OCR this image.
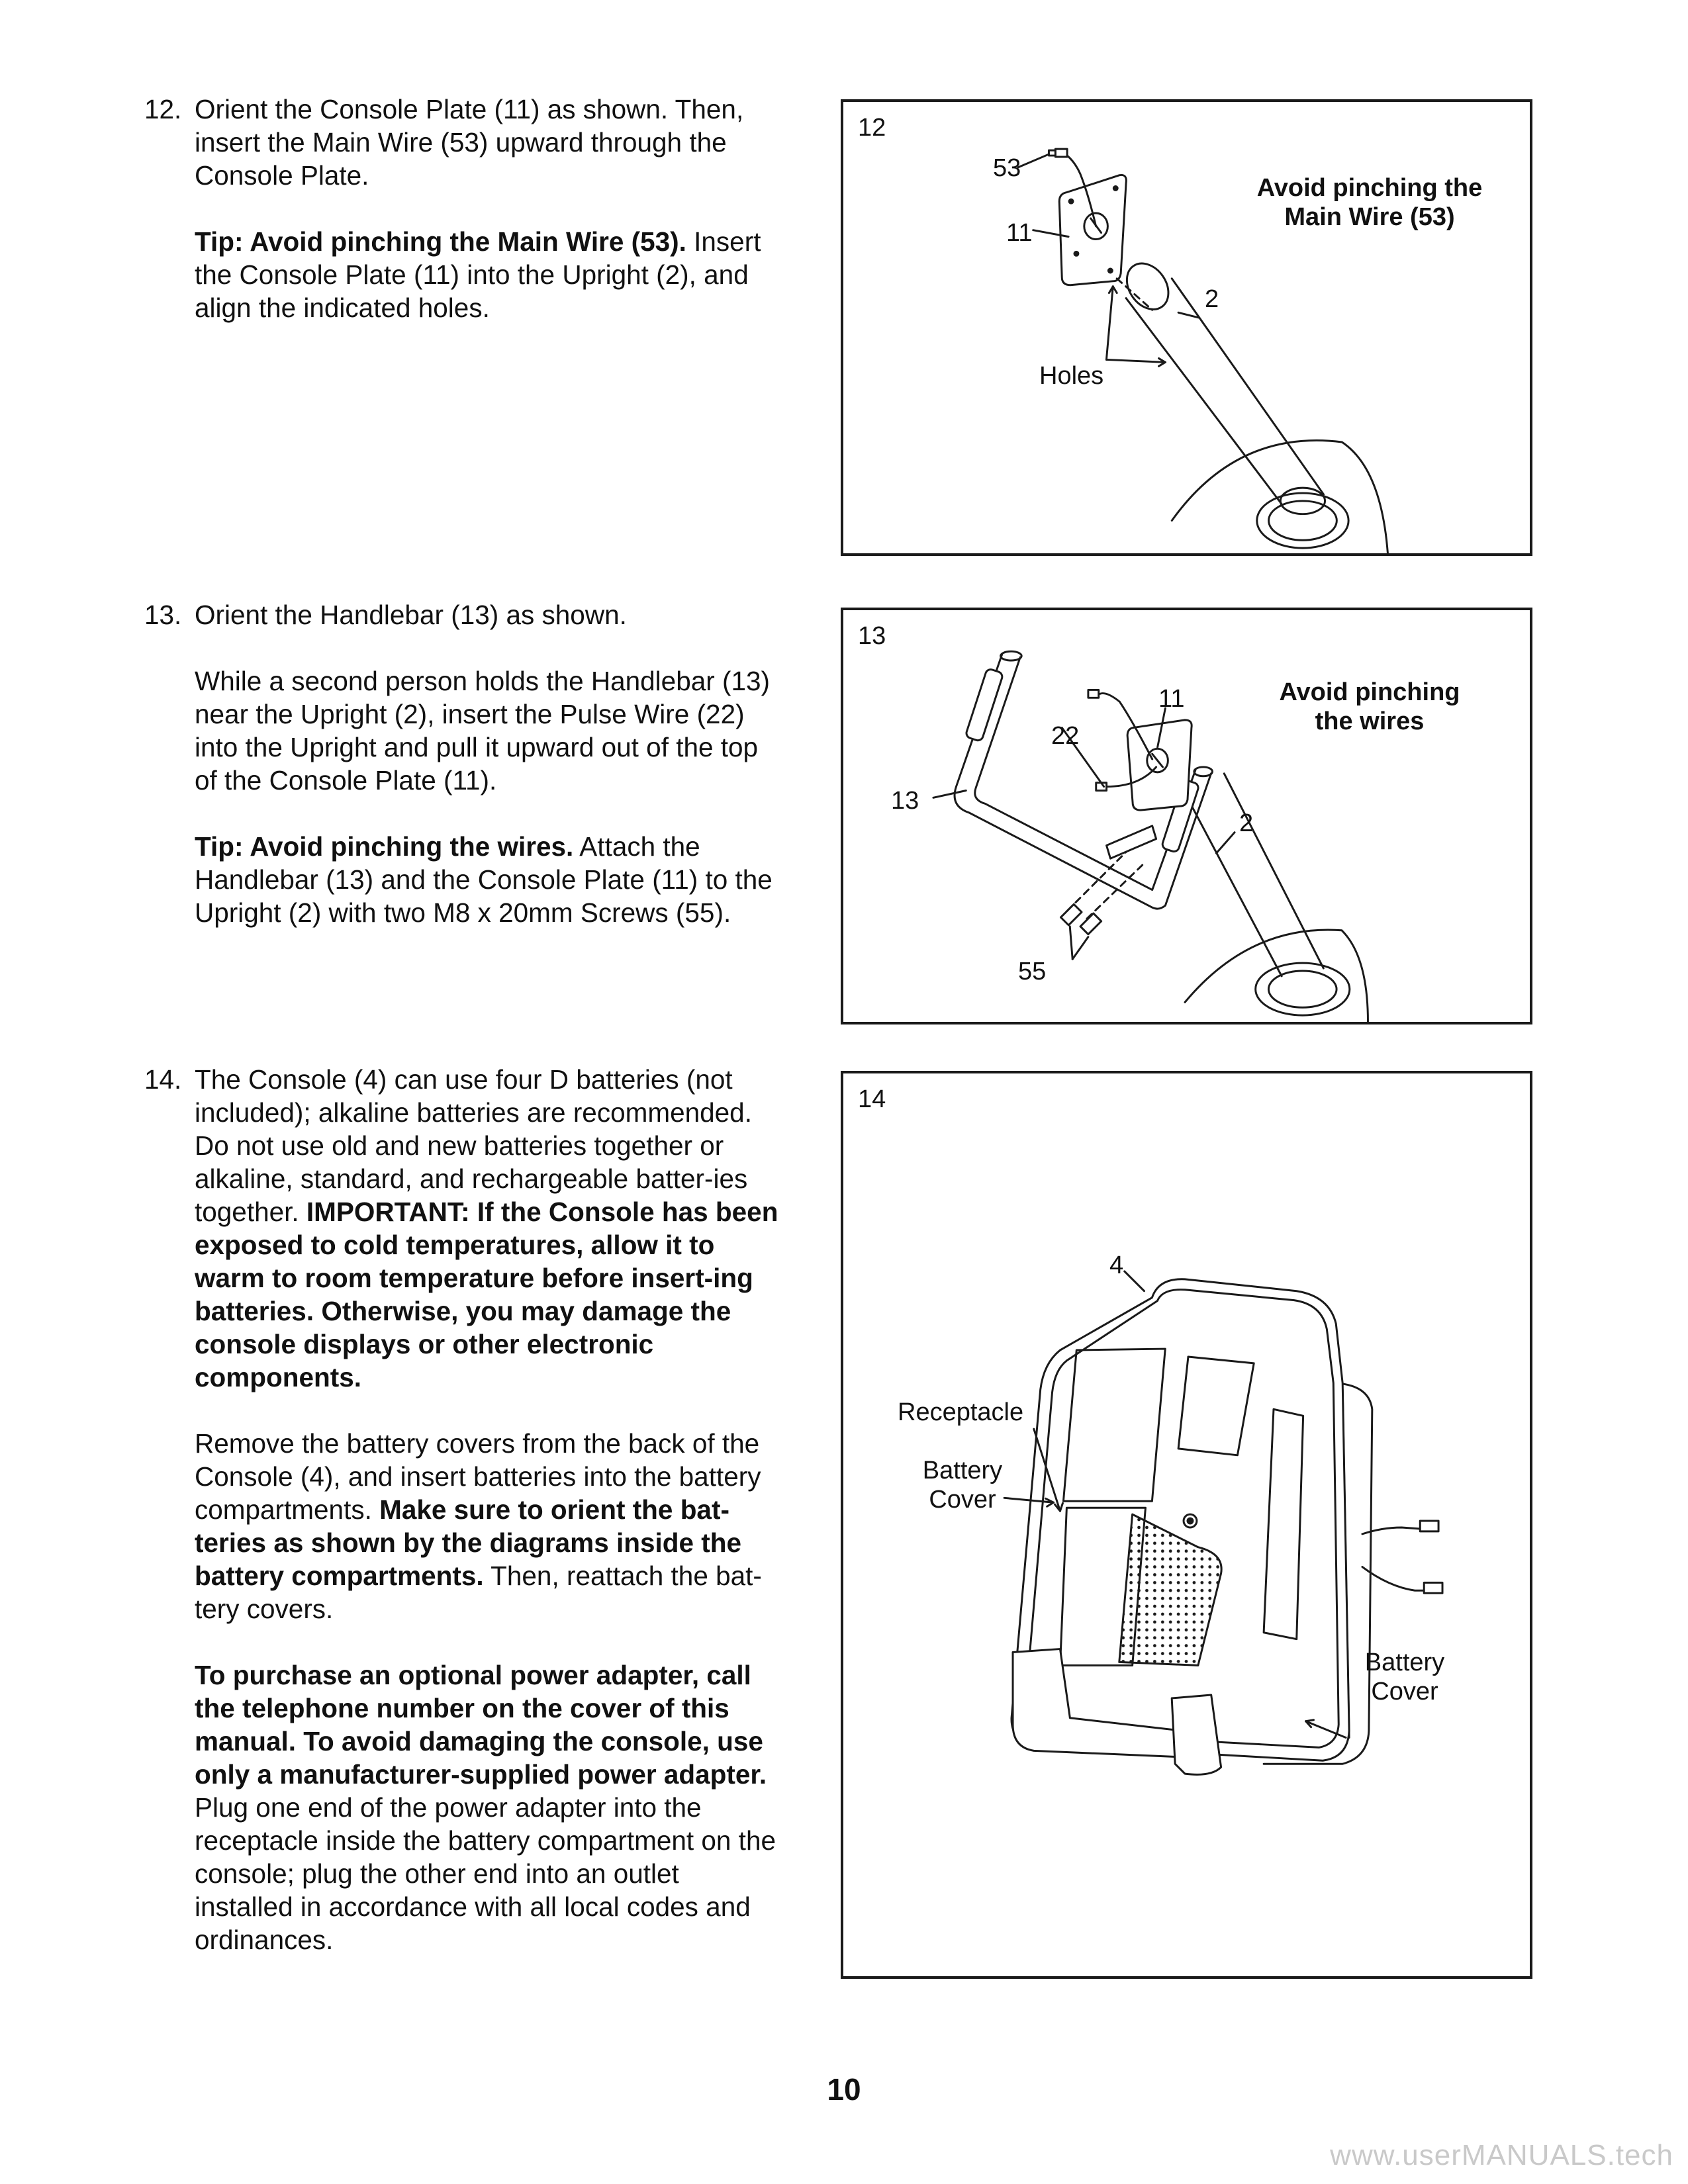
12. Orient the Console Plate (11) as shown. Then, insert the Main Wire (53) upward through the Console Plate.

Tip: Avoid pinching the Main Wire (53). Insert the Console Plate (11) into the Upright (2), and align the indicated holes.

13. Orient the Handlebar (13) as shown.

While a second person holds the Handlebar (13) near the Upright (2), insert the Pulse Wire (22) into the Upright and pull it upward out of the top of the Console Plate (11).

Tip: Avoid pinching the wires. Attach the Handlebar (13) and the Console Plate (11) to the Upright (2) with two M8 x 20mm Screws (55).

14. The Console (4) can use four D batteries (not included); alkaline batteries are recommended. Do not use old and new batteries together or alkaline, standard, and rechargeable batter-ies together. IMPORTANT: If the Console has been exposed to cold temperatures, allow it to warm to room temperature before insert-ing batteries. Otherwise, you may damage the console displays or other electronic components.

Remove the battery covers from the back of the Console (4), and insert batteries into the battery compartments. Make sure to orient the bat-teries as shown by the diagrams inside the battery compartments. Then, reattach the bat-tery covers.

To purchase an optional power adapter, call the telephone number on the cover of this manual. To avoid damaging the console, use only a manufacturer-supplied power adapter. Plug one end of the power adapter into the receptacle inside the battery compartment on the console; plug the other end into an outlet installed in accordance with all local codes and ordinances.

12
53
11
2
Holes
Avoid pinching the Main Wire (53)
13
11
22
13
2
55
Avoid pinching the wires
14
4
Receptacle
Battery Cover
Battery Cover
10
www.userMANUALS.tech
